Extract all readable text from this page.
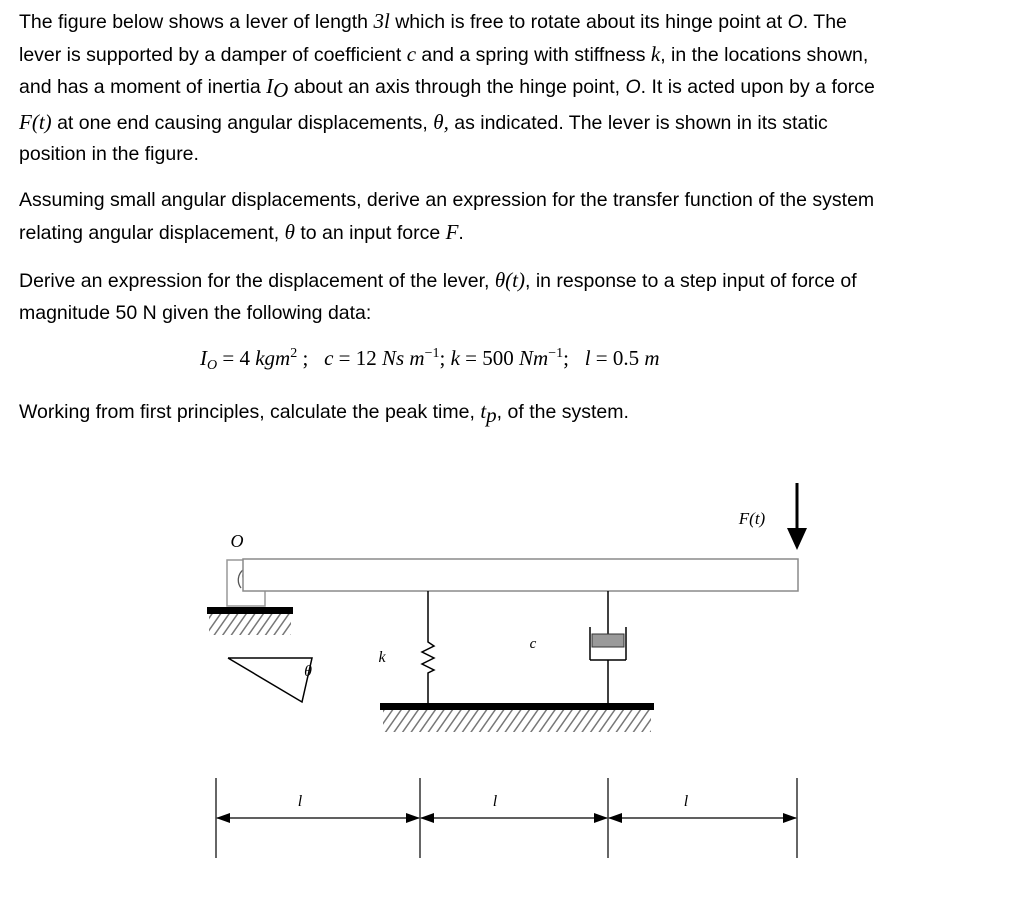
The figure below shows a lever of length 3l which is free to rotate about its hinge point at O. The
lever is supported by a damper of coefficient c and a spring with stiffness k, in the locations shown,
and has a moment of inertia $I_O$ about an axis through the hinge point, O. It is acted upon by a force
F(t) at one end causing angular displacements, θ, as indicated. The lever is shown in its static
position in the figure.
Assuming small angular displacements, derive an expression for the transfer function of the system
relating angular displacement, θ to an input force F.
Derive an expression for the displacement of the lever, θ(t), in response to a step input of force of
magnitude 50 N given the following data:
$I_O = 4$ kgm$^2$ ;   c = 12 Ns $m^{-1}$; k = 500 $Nm^{-1}$;   l = 0.5 m
Working from first principles, calculate the peak time, $t_p$, of the system.
O
F(t)
k
c
θ
l	l	l
